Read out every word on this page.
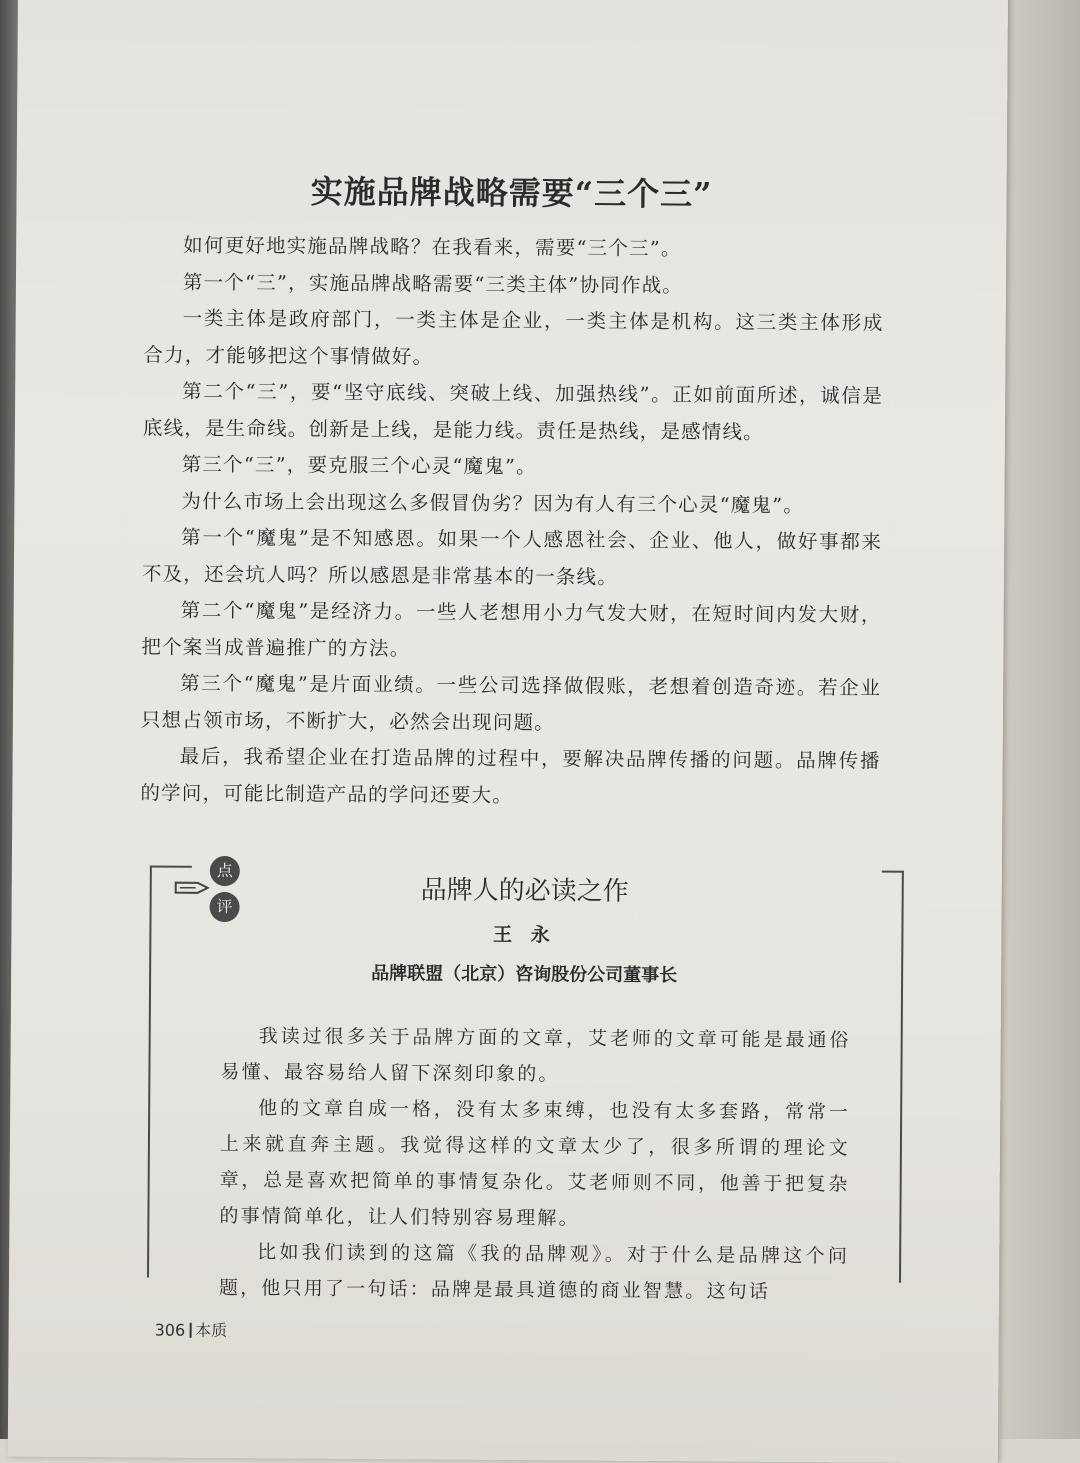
实施品牌战略需要“三个三”

如何更好地实施品牌战略？在我看来，需要“三个三”。

第一个“三”，实施品牌战略需要“三类主体”协同作战。

一类主体是政府部门，一类主体是企业，一类主体是机构。这三类主体形成合力，才能够把这个事情做好。

第二个“三”，要“坚守底线、突破上线、加强热线”。正如前面所述，诚信是底线，是生命线。创新是上线，是能力线。责任是热线，是感情线。

第三个“三”，要克服三个心灵“魔鬼”。

为什么市场上会出现这么多假冒伪劣？因为有人有三个心灵“魔鬼”。

第一个“魔鬼”是不知感恩。如果一个人感恩社会、企业、他人，做好事都来不及，还会坑人吗？所以感恩是非常基本的一条线。

第二个“魔鬼”是经济力。一些人老想用小力气发大财，在短时间内发大财，把个案当成普遍推广的方法。

第三个“魔鬼”是片面业绩。一些公司选择做假账，老想着创造奇迹。若企业只想占领市场，不断扩大，必然会出现问题。

最后，我希望企业在打造品牌的过程中，要解决品牌传播的问题。品牌传播的学问，可能比制造产品的学问还要大。

点
评	品牌人的必读之作
王 永
品牌联盟（北京）咨询股份公司董事长

我读过很多关于品牌方面的文章，艾老师的文章可能是最通俗易懂、最容易给人留下深刻印象的。

他的文章自成一格，没有太多束缚，也没有太多套路，常常一上来就直奔主题。我觉得这样的文章太少了，很多所谓的理论文章，总是喜欢把简单的事情复杂化。艾老师则不同，他善于把复杂的事情简单化，让人们特别容易理解。

比如我们读到的这篇《我的品牌观》。对于什么是品牌这个问题，他只用了一句话：品牌是最具道德的商业智慧。这句话

306 本质
